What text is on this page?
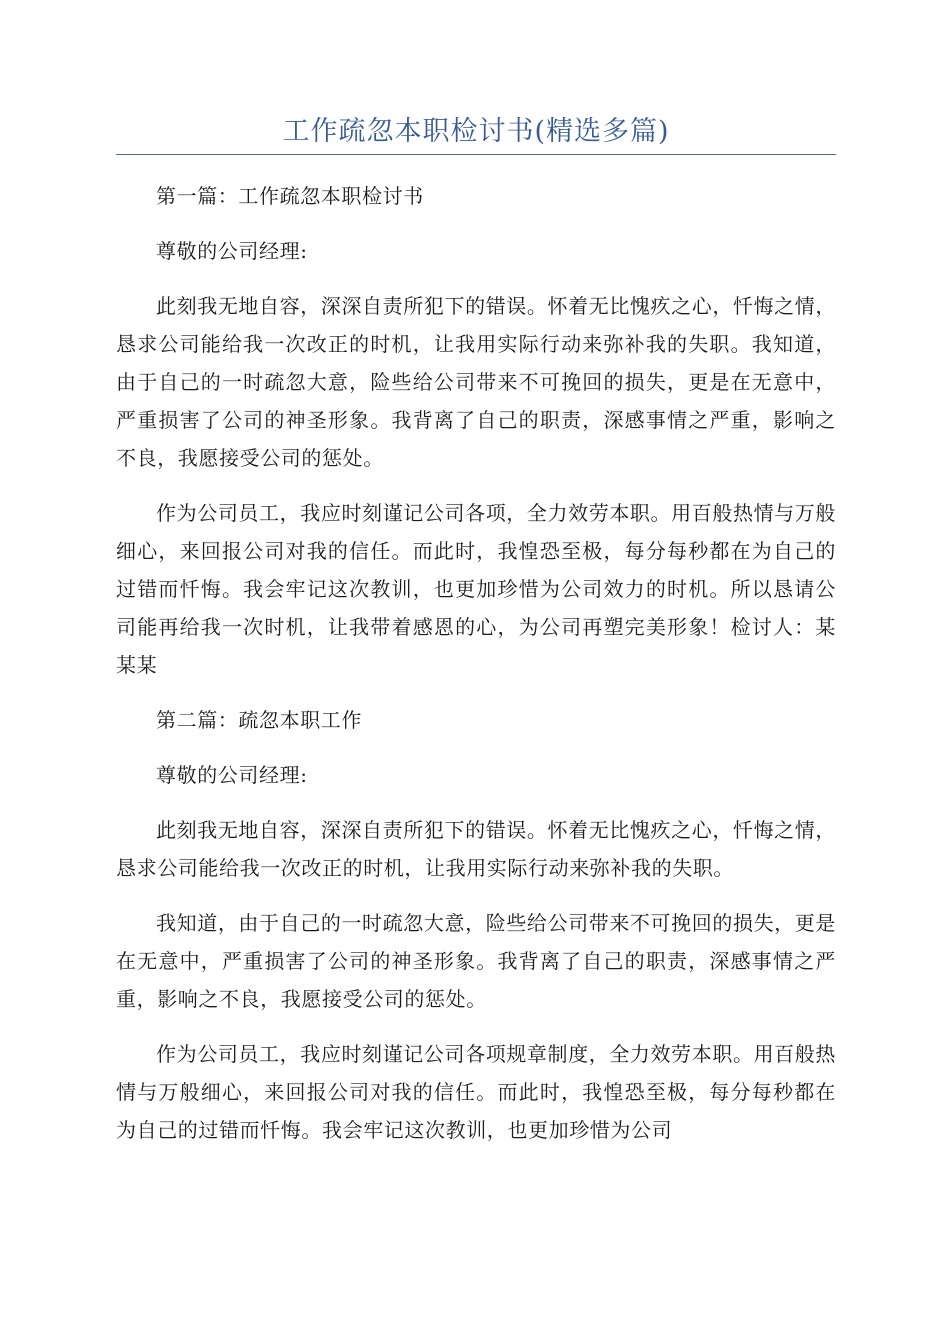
工作疏忽本职检讨书(精选多篇)

第一篇：工作疏忽本职检讨书

尊敬的公司经理:

此刻我无地自容，深深自责所犯下的错误。怀着无比愧疚之心，忏悔之情，恳求公司能给我一次改正的时机，让我用实际行动来弥补我的失职。我知道，由于自己的一时疏忽大意，险些给公司带来不可挽回的损失，更是在无意中，严重损害了公司的神圣形象。我背离了自己的职责，深感事情之严重，影响之不良，我愿接受公司的惩处。

作为公司员工，我应时刻谨记公司各项，全力效劳本职。用百般热情与万般细心，来回报公司对我的信任。而此时，我惶恐至极，每分每秒都在为自己的过错而忏悔。我会牢记这次教训，也更加珍惜为公司效力的时机。所以恳请公司能再给我一次时机，让我带着感恩的心，为公司再塑完美形象！检讨人：某某某

第二篇：疏忽本职工作

尊敬的公司经理:

此刻我无地自容，深深自责所犯下的错误。怀着无比愧疚之心，忏悔之情，恳求公司能给我一次改正的时机，让我用实际行动来弥补我的失职。

我知道，由于自己的一时疏忽大意，险些给公司带来不可挽回的损失，更是在无意中，严重损害了公司的神圣形象。我背离了自己的职责，深感事情之严重，影响之不良，我愿接受公司的惩处。

作为公司员工，我应时刻谨记公司各项规章制度，全力效劳本职。用百般热情与万般细心，来回报公司对我的信任。而此时，我惶恐至极，每分每秒都在为自己的过错而忏悔。我会牢记这次教训，也更加珍惜为公司
